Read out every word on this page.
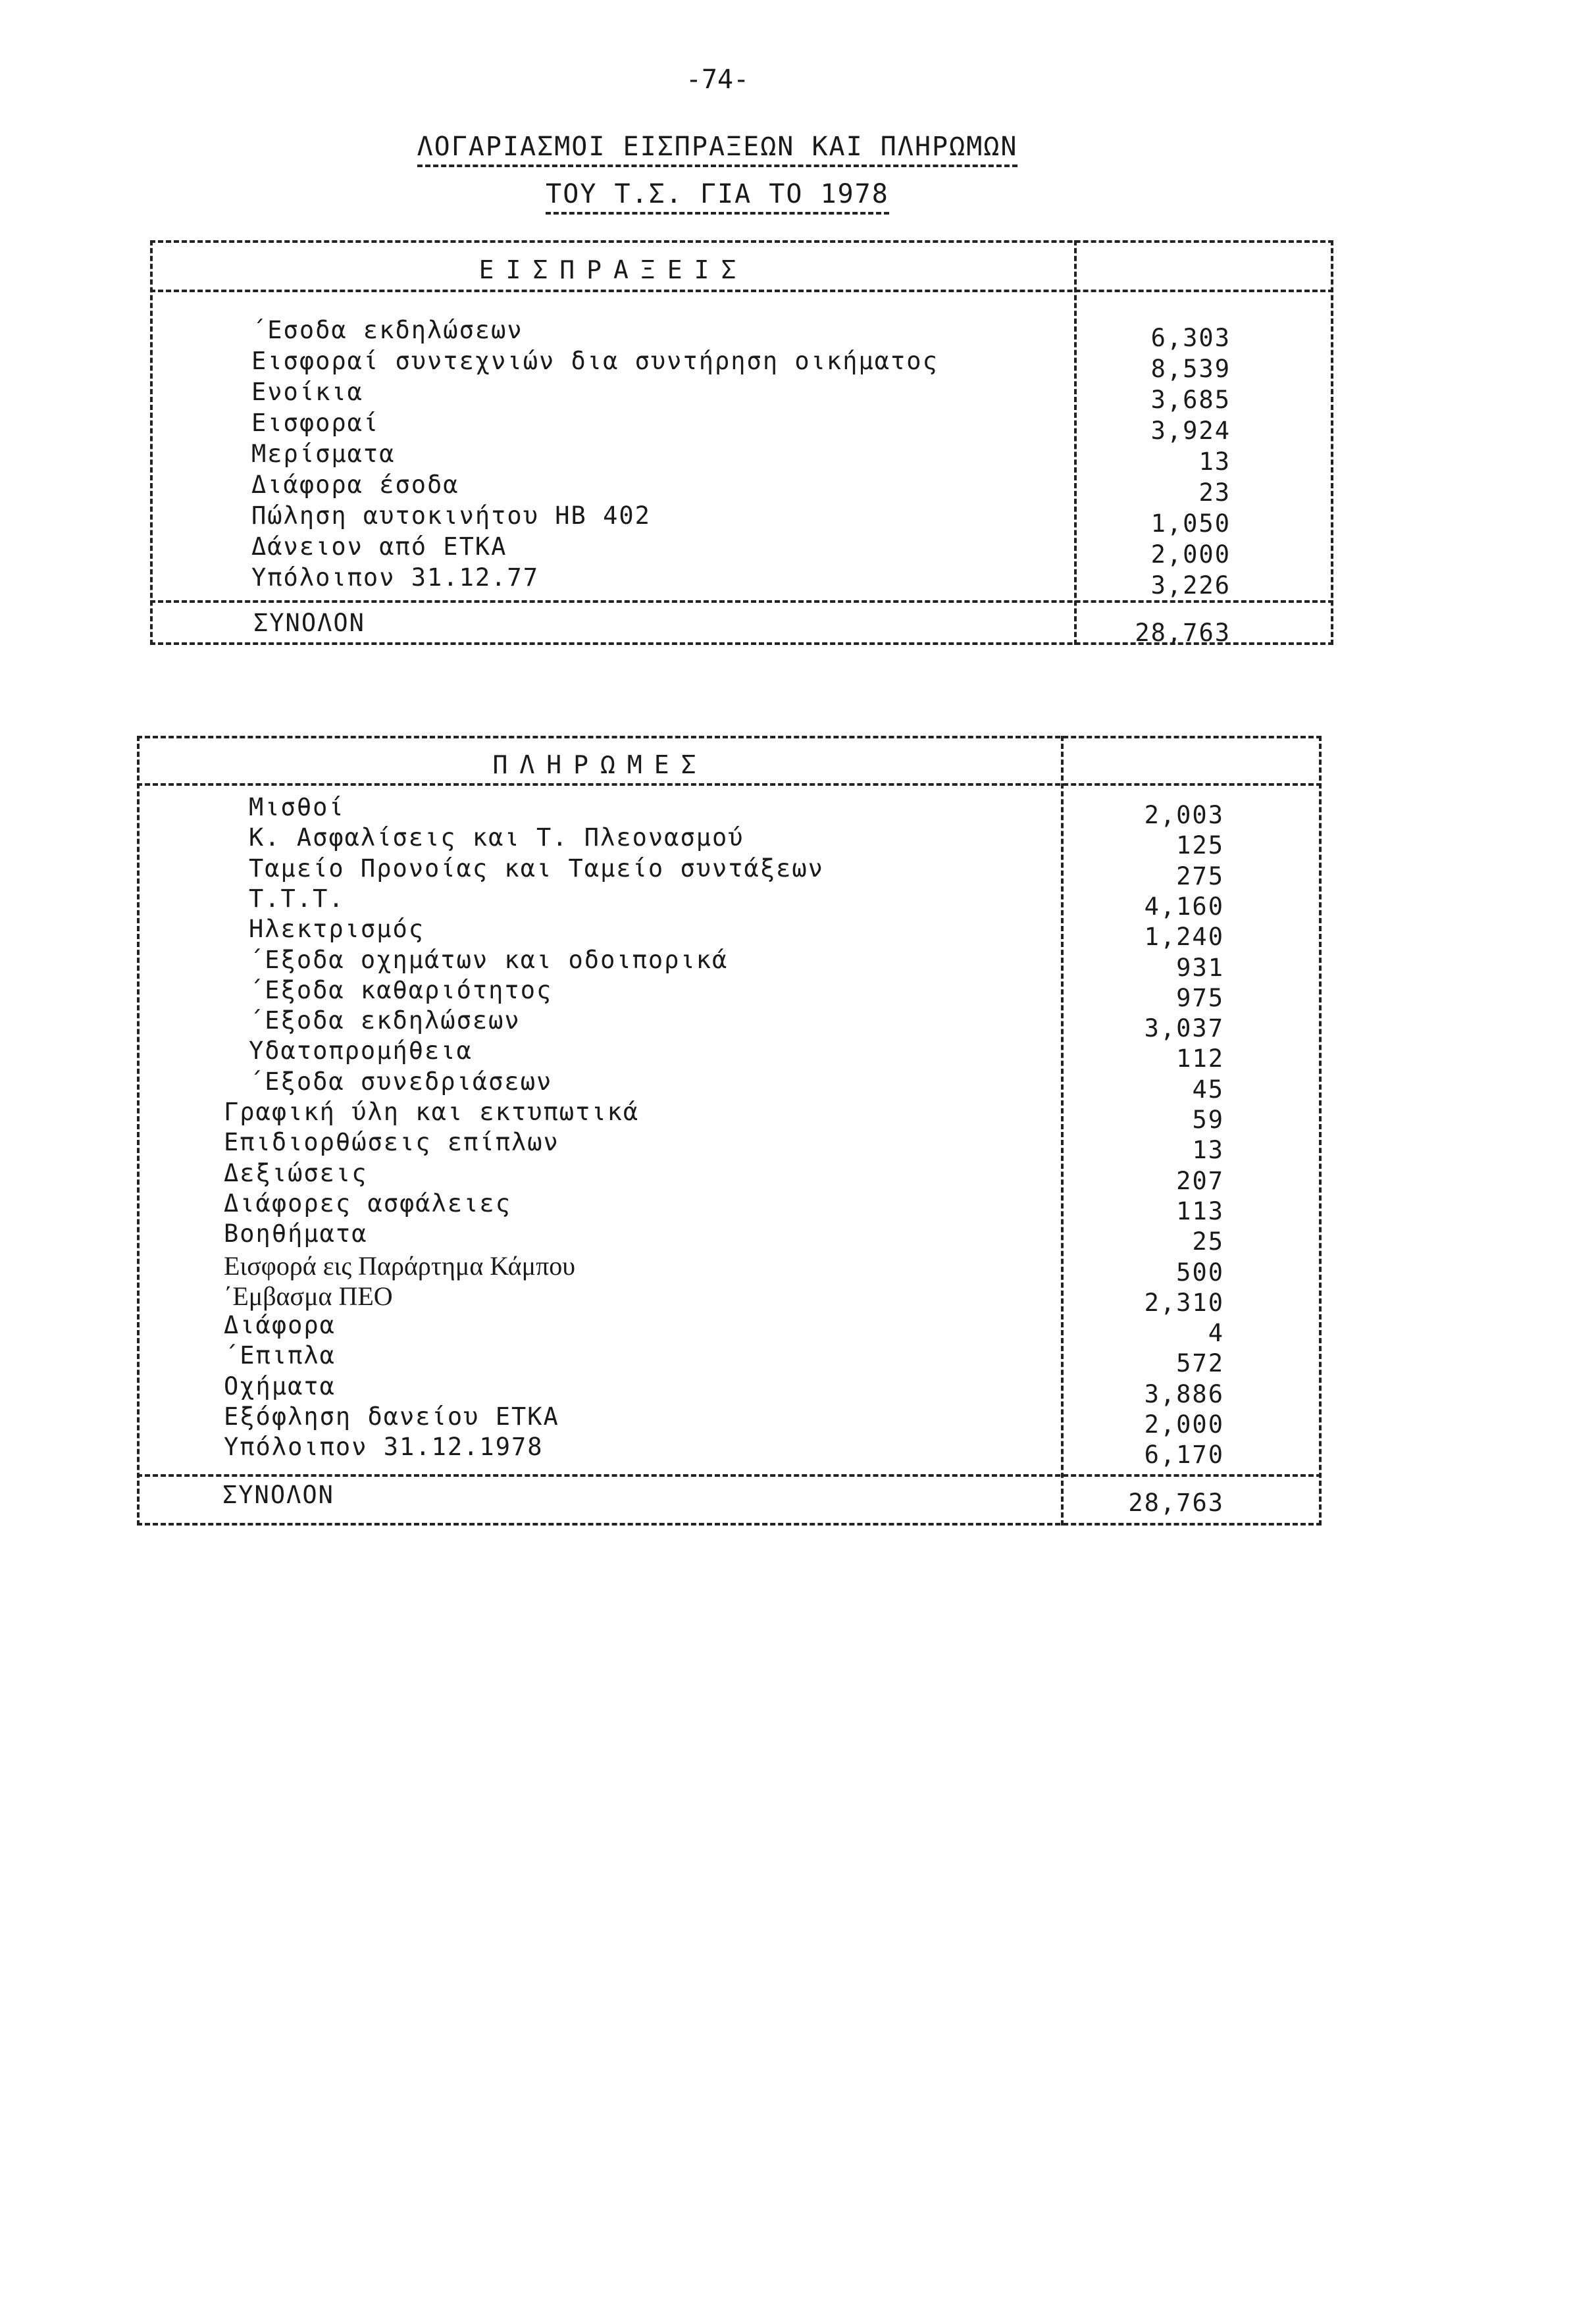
-74-
ΛΟΓΑΡΙΑΣΜΟΙ ΕΙΣΠΡΑΞΕΩΝ ΚΑΙ ΠΛΗΡΩΜΩΝ
ΤΟΥ Τ.Σ. ΓΙΑ ΤΟ 1978
ΕΙΣΠΡΑΞΕΙΣ
΄Εσοδα εκδηλώσεων	6,303
Εισφοραί συντεχνιών δια συντήρηση οικήματος	8,539
Ενοίκια	3,685
Εισφοραί	3,924
Μερίσματα	13
Διάφορα έσοδα	23
Πώληση αυτοκινήτου ΗΒ 402	1,050
Δάνειον από ΕΤΚΑ	2,000
Υπόλοιπον 31.12.77	3,226
ΣΥΝΟΛΟΝ	28,763
ΠΛΗΡΩΜΕΣ
Μισθοί	2,003
Κ. Ασφαλίσεις και Τ. Πλεονασμού	125
Ταμείο Προνοίας και Ταμείο συντάξεων	275
Τ.Τ.Τ.	4,160
Ηλεκτρισμός	1,240
΄Εξοδα οχημάτων και οδοιπορικά	931
΄Εξοδα καθαριότητος	975
΄Εξοδα εκδηλώσεων	3,037
Υδατοπρομήθεια	112
΄Εξοδα συνεδριάσεων	45
Γραφική ύλη και εκτυπωτικά	59
Επιδιορθώσεις επίπλων	13
Δεξιώσεις	207
Διάφορες ασφάλειες	113
Βοηθήματα	25
Εισφορά εις Παράρτημα Κάμπου	500
΄Εμβασμα ΠΕΟ	2,310
Διάφορα	4
΄Επιπλα	572
Οχήματα	3,886
Εξόφληση δανείου ΕΤΚΑ	2,000
Υπόλοιπον 31.12.1978	6,170
ΣΥΝΟΛΟΝ	28,763
